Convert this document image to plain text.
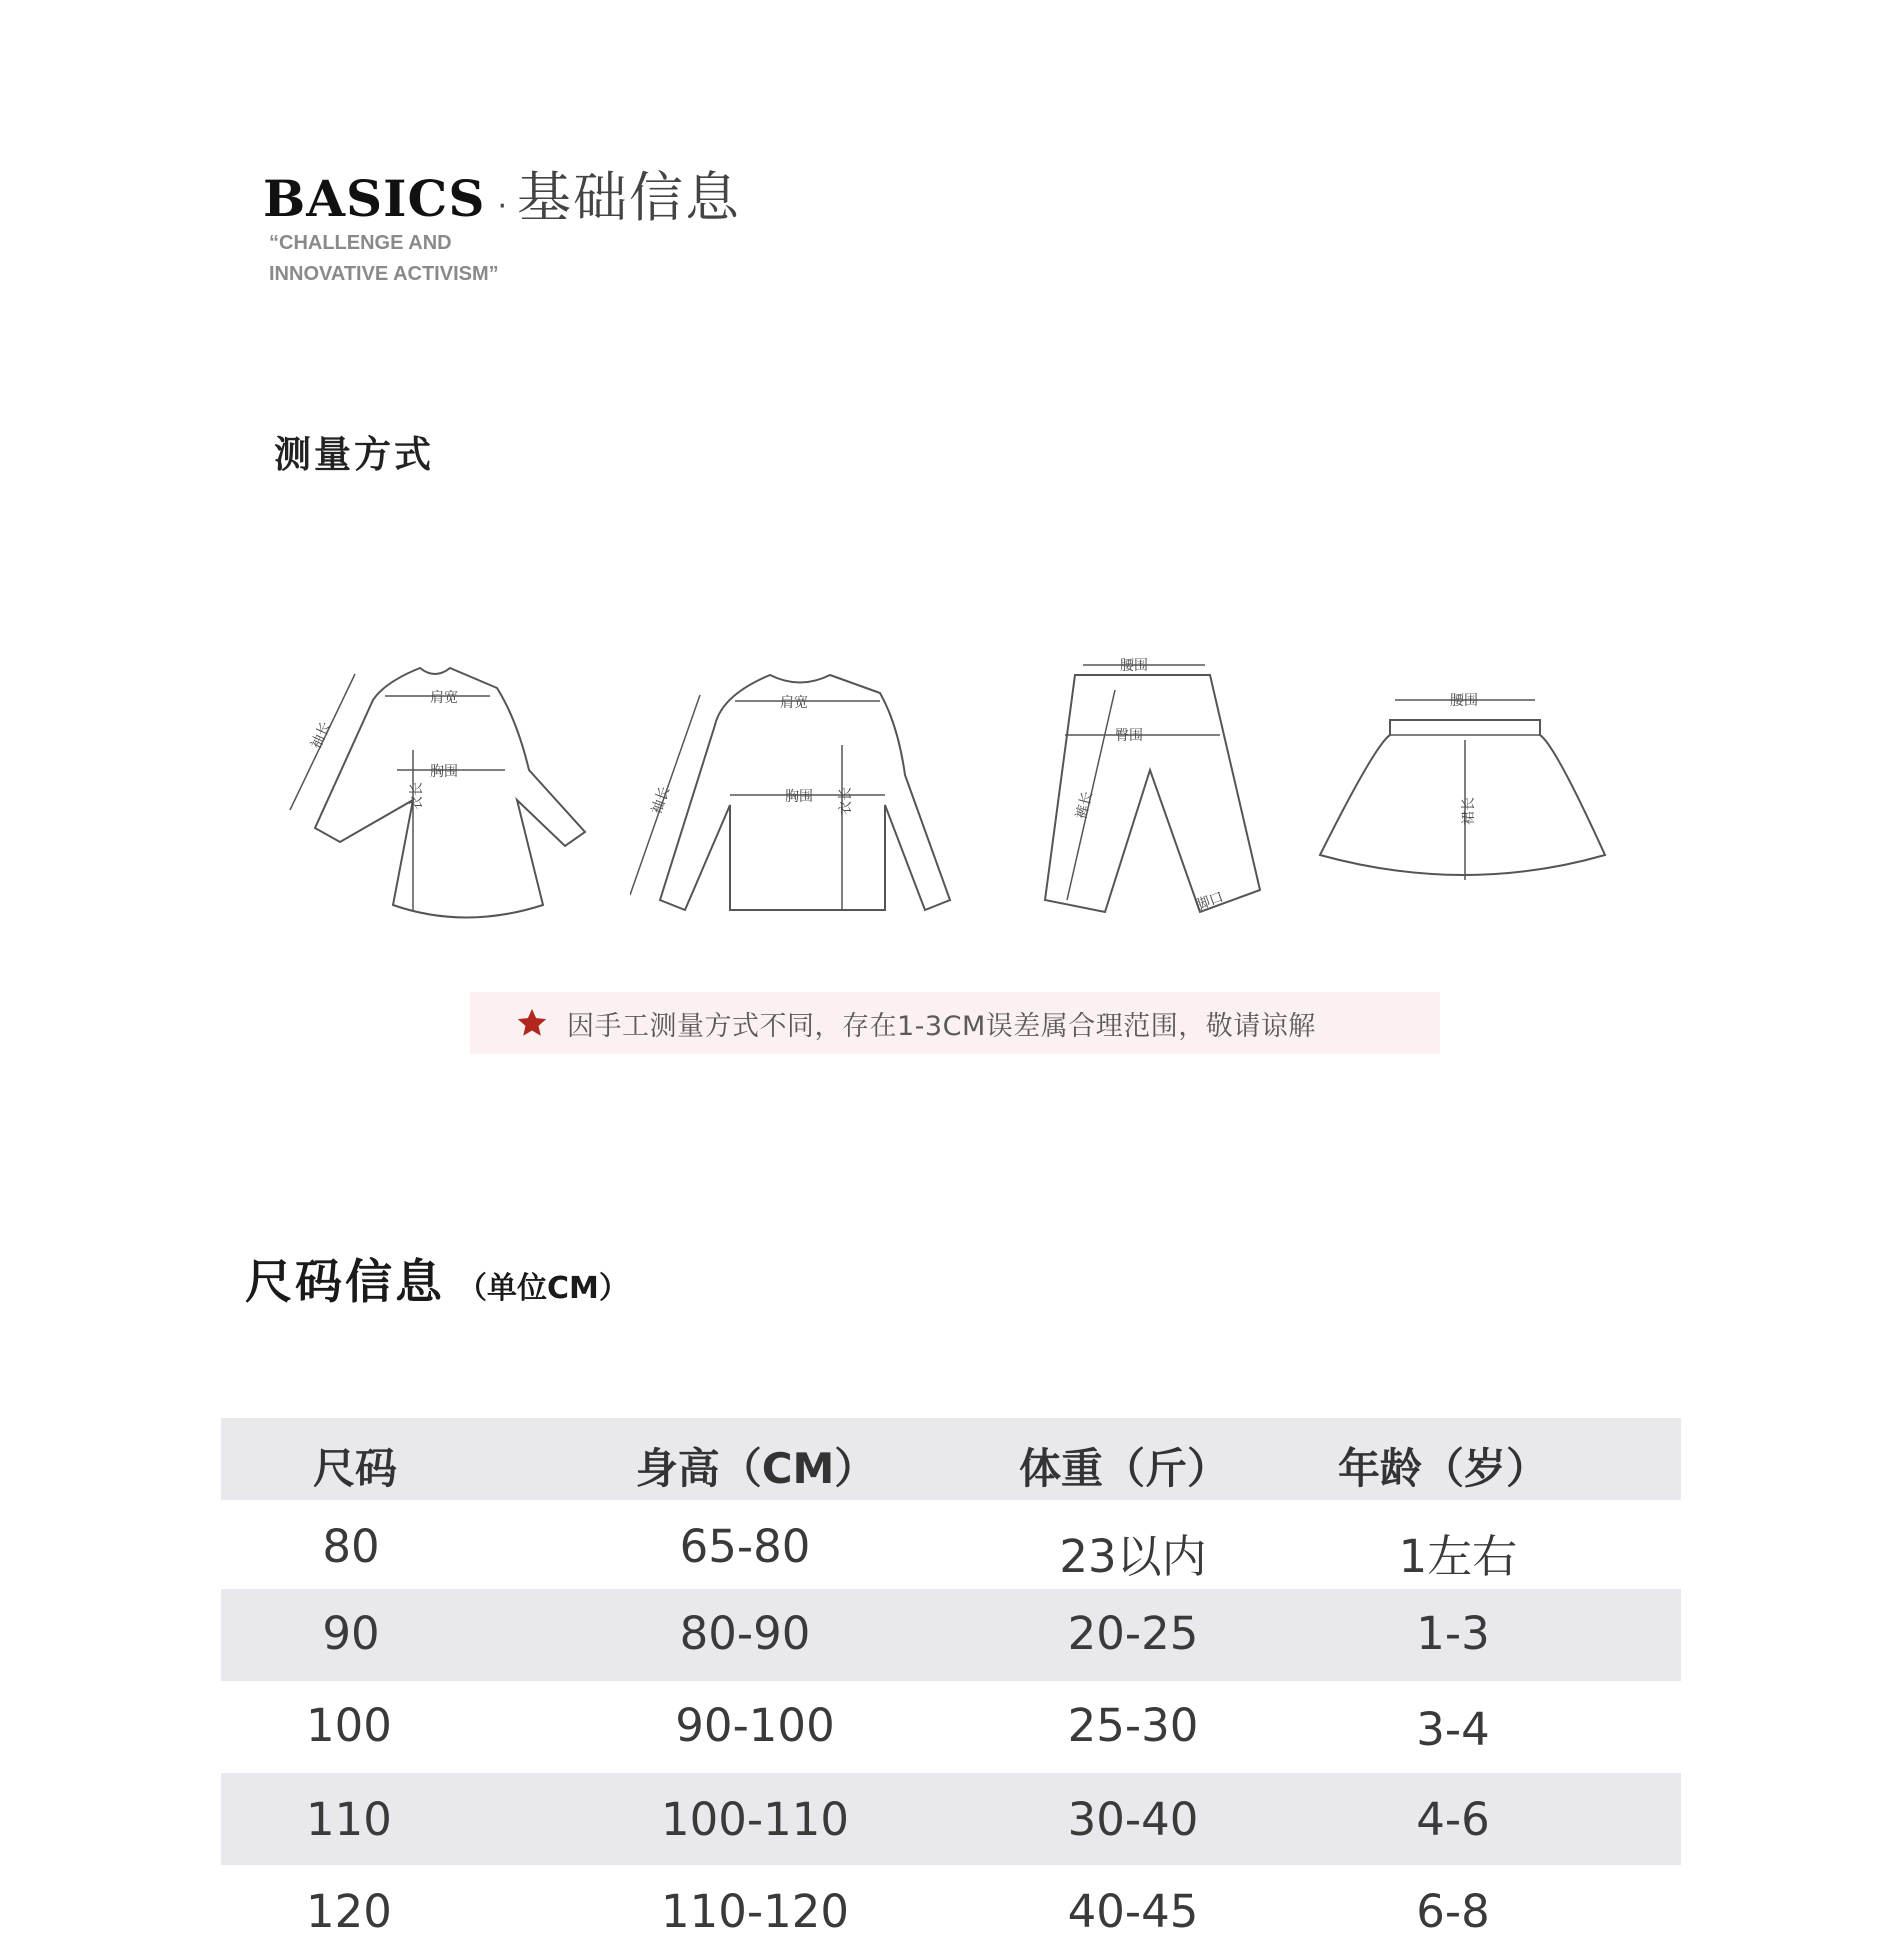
BASICS · 基础信息
“CHALLENGE AND
INNOVATIVE ACTIVISM”
测量方式
肩宽
胸围
衣长
袖长
肩宽
胸围 衣长
袖长
腰围
臀围
裤长
脚口
腰围
裙长
因手工测量方式不同，存在1-3CM误差属合理范围，敬请谅解
尺码信息 （单位CM）
尺码	身高（CM）	体重（斤）	年龄（岁）
80	65-80	23以内	1左右
90	80-90	20-25	1-3
100	90-100	25-30	3-4
110	100-110	30-40	4-6
120	110-120	40-45	6-8
